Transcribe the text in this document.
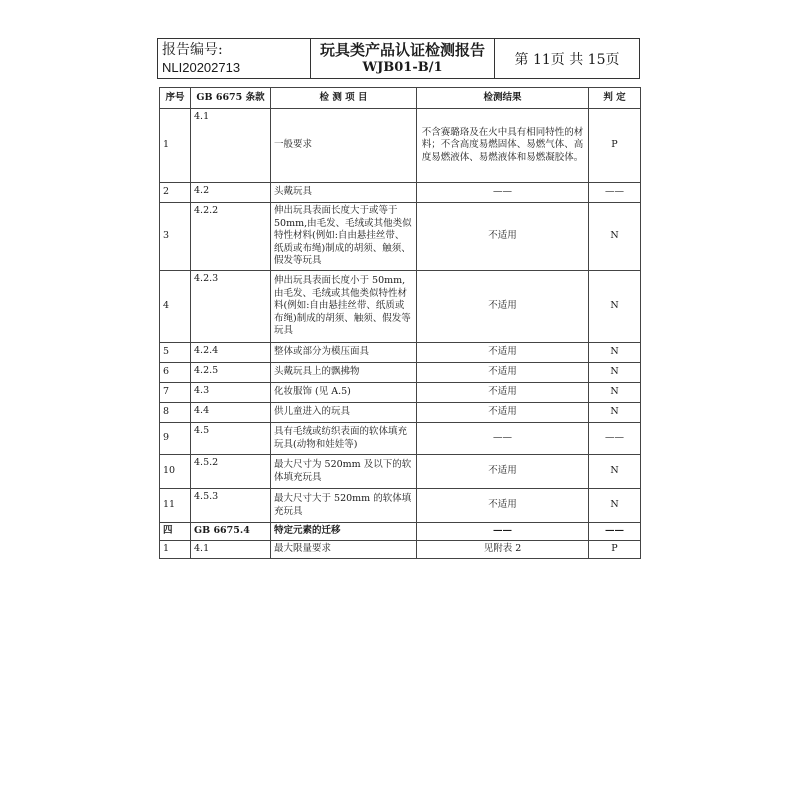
报告编号:
NLI20202713
玩具类产品认证检测报告
WJB01-B/1	第 11页 共 15页
序号	GB 6675 条款	检 测 项 目	检测结果	判 定
1	4.1	一般要求	不含赛璐珞及在火中具有相同特性的材料；不含高度易燃固体、易燃气体、高度易燃液体、易燃液体和易燃凝胶体。	P
2	4.2	头戴玩具	——	——
3	4.2.2	伸出玩具表面长度大于或等于50mm,由毛发、毛绒或其他类似特性材料(例如:自由悬挂丝带、纸质或布绳)制成的胡须、触须、假发等玩具	不适用	N
4	4.2.3	伸出玩具表面长度小于 50mm,由毛发、毛绒或其他类似特性材料(例如:自由悬挂丝带、纸质或布绳)制成的胡须、触须、假发等玩具	不适用	N
5	4.2.4	整体或部分为模压面具	不适用	N
6	4.2.5	头戴玩具上的飘拂物	不适用	N
7	4.3	化妆服饰 (见 A.5)	不适用	N
8	4.4	供儿童进入的玩具	不适用	N
9	4.5	具有毛绒或纺织表面的软体填充玩具(动物和娃娃等)	——	——
10	4.5.2	最大尺寸为 520mm 及以下的软体填充玩具	不适用	N
11	4.5.3	最大尺寸大于 520mm 的软体填充玩具	不适用	N
四	GB 6675.4	特定元素的迁移	——	——
1	4.1	最大限量要求	见附表 2	P
